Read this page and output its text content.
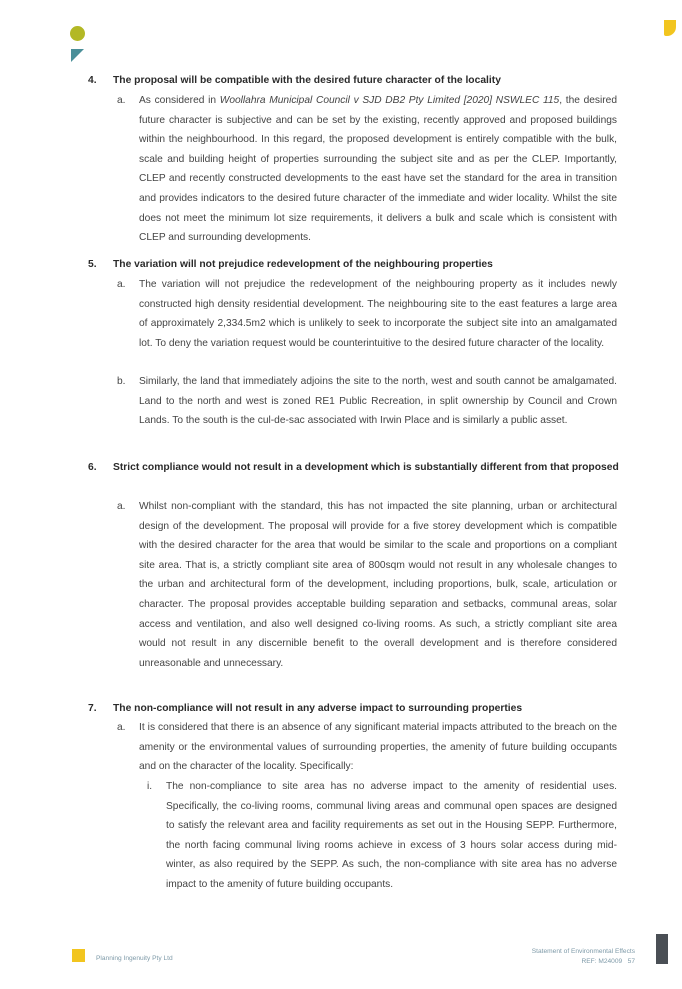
4. The proposal will be compatible with the desired future character of the locality
a. As considered in Woollahra Municipal Council v SJD DB2 Pty Limited [2020] NSWLEC 115, the desired future character is subjective and can be set by the existing, recently approved and proposed buildings within the neighbourhood. In this regard, the proposed development is entirely compatible with the bulk, scale and building height of properties surrounding the subject site and as per the CLEP. Importantly, CLEP and recently constructed developments to the east have set the standard for the area in transition and provides indicators to the desired future character of the immediate and wider locality. Whilst the site does not meet the minimum lot size requirements, it delivers a bulk and scale which is consistent with CLEP and surrounding developments.
5. The variation will not prejudice redevelopment of the neighbouring properties
a. The variation will not prejudice the redevelopment of the neighbouring property as it includes newly constructed high density residential development. The neighbouring site to the east features a large area of approximately 2,334.5m2 which is unlikely to seek to incorporate the subject site into an amalgamated lot. To deny the variation request would be counterintuitive to the desired future character of the locality.
b. Similarly, the land that immediately adjoins the site to the north, west and south cannot be amalgamated. Land to the north and west is zoned RE1 Public Recreation, in split ownership by Council and Crown Lands. To the south is the cul-de-sac associated with Irwin Place and is similarly a public asset.
6. Strict compliance would not result in a development which is substantially different from that proposed
a. Whilst non-compliant with the standard, this has not impacted the site planning, urban or architectural design of the development. The proposal will provide for a five storey development which is compatible with the desired character for the area that would be similar to the scale and proportions on a compliant site area. That is, a strictly compliant site area of 800sqm would not result in any wholesale changes to the urban and architectural form of the development, including proportions, bulk, scale, articulation or character. The proposal provides acceptable building separation and setbacks, communal areas, solar access and ventilation, and also well designed co-living rooms. As such, a strictly compliant site area would not result in any discernible benefit to the overall development and is therefore considered unreasonable and unnecessary.
7. The non-compliance will not result in any adverse impact to surrounding properties
a. It is considered that there is an absence of any significant material impacts attributed to the breach on the amenity or the environmental values of surrounding properties, the amenity of future building occupants and on the character of the locality. Specifically:
i. The non-compliance to site area has no adverse impact to the amenity of residential uses. Specifically, the co-living rooms, communal living areas and communal open spaces are designed to satisfy the relevant area and facility requirements as set out in the Housing SEPP. Furthermore, the north facing communal living rooms achieve in excess of 3 hours solar access during mid-winter, as also required by the SEPP. As such, the non-compliance with site area has no adverse impact to the amenity of future building occupants.
Planning Ingenuity Pty Ltd
Statement of Environmental Effects
REF: M24009 57
